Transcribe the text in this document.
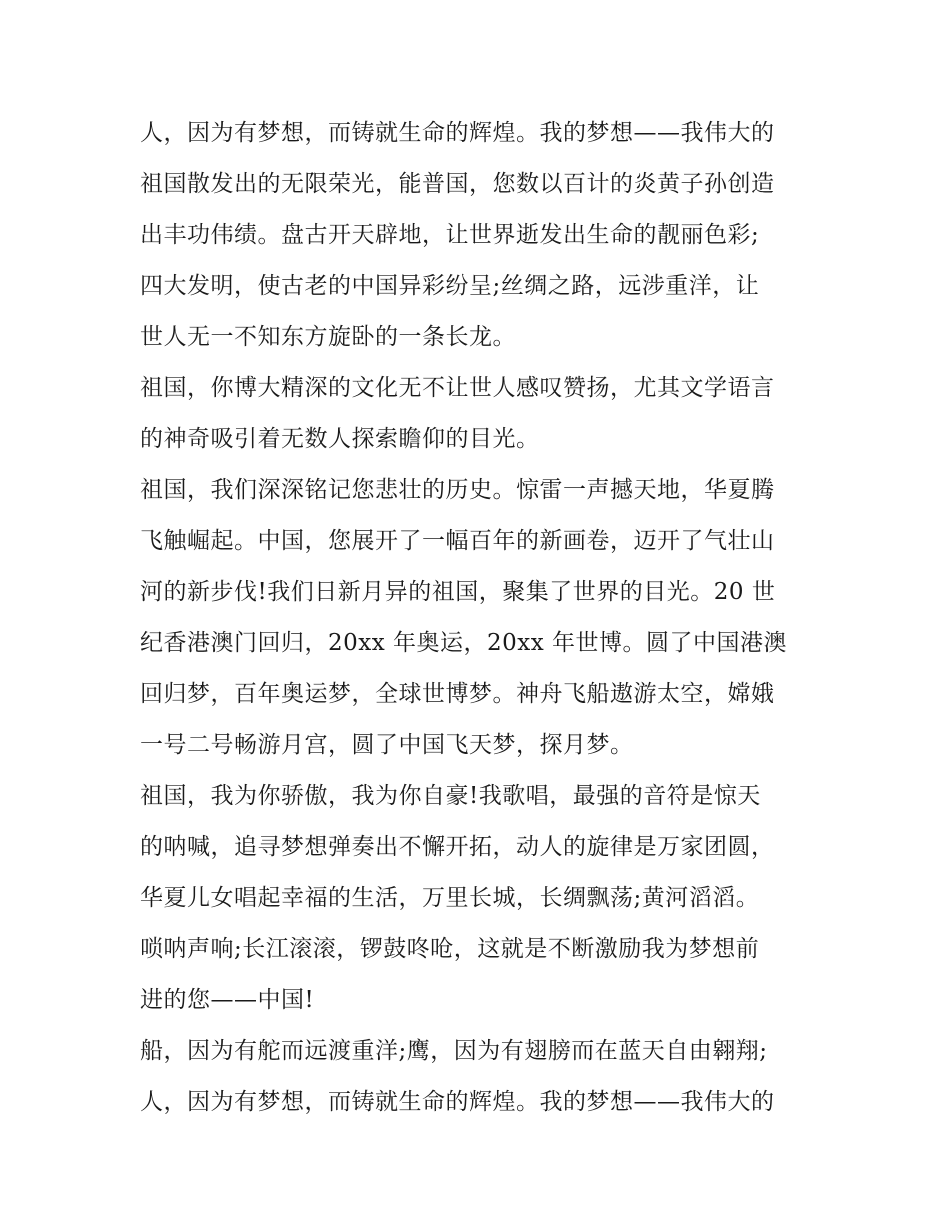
人，因为有梦想，而铸就生命的辉煌。我的梦想——我伟大的
祖国散发出的无限荣光，能普国，您数以百计的炎黄子孙创造
出丰功伟绩。盘古开天辟地，让世界逝发出生命的靓丽色彩;
四大发明，使古老的中国异彩纷呈;丝绸之路，远涉重洋，让
世人无一不知东方旋卧的一条长龙。
祖国，你博大精深的文化无不让世人感叹赞扬，尤其文学语言
的神奇吸引着无数人探索瞻仰的目光。
祖国，我们深深铭记您悲壮的历史。惊雷一声撼天地，华夏腾
飞触崛起。中国，您展开了一幅百年的新画卷，迈开了气壮山
河的新步伐!我们日新月异的祖国，聚集了世界的目光。20 世
纪香港澳门回归，20xx 年奥运，20xx 年世博。圆了中国港澳
回归梦，百年奥运梦，全球世博梦。神舟飞船遨游太空，嫦娥
一号二号畅游月宫，圆了中国飞天梦，探月梦。
祖国，我为你骄傲，我为你自豪!我歌唱，最强的音符是惊天
的呐喊，追寻梦想弹奏出不懈开拓，动人的旋律是万家团圆，
华夏儿女唱起幸福的生活，万里长城，长绸飘荡;黄河滔滔。
唢呐声响;长江滚滚，锣鼓咚呛，这就是不断激励我为梦想前
进的您——中国!
船，因为有舵而远渡重洋;鹰，因为有翅膀而在蓝天自由翱翔;
人，因为有梦想，而铸就生命的辉煌。我的梦想——我伟大的
